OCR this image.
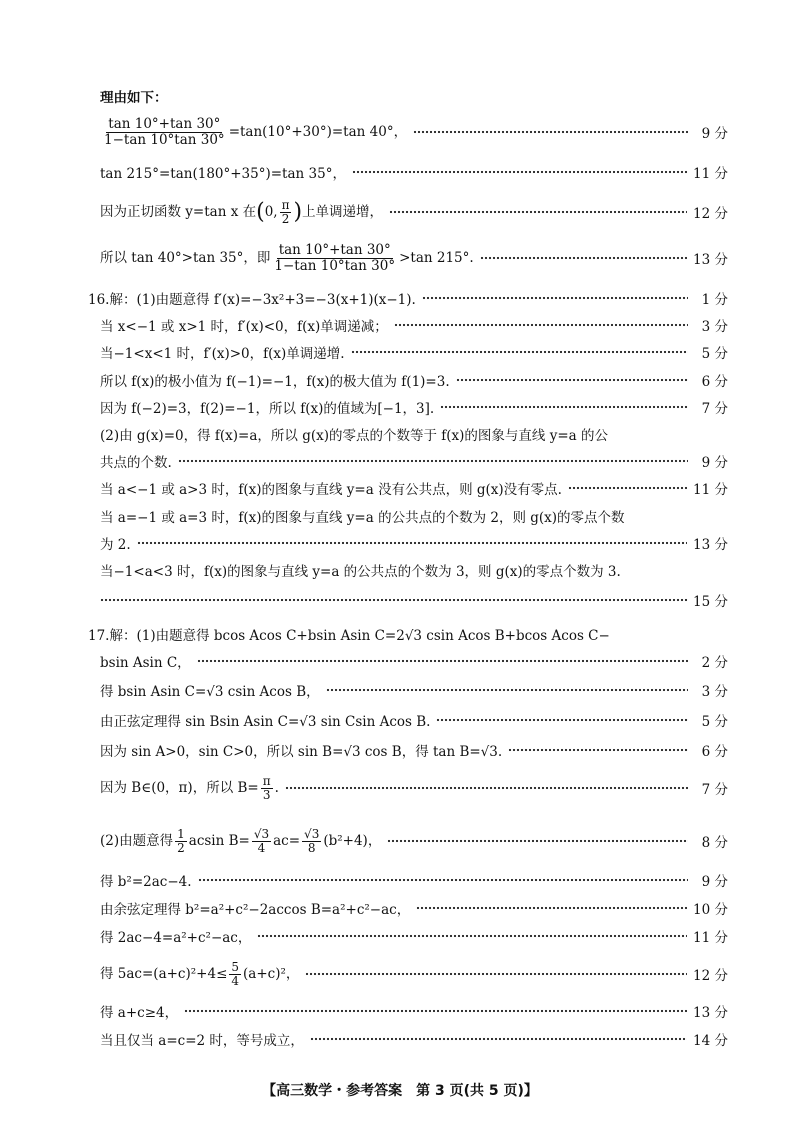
理由如下：
$\frac{\tan 10^\circ+\tan 30^\circ}{1-\tan 10^\circ\tan 30^\circ} =\tan(10^\circ+30^\circ)=\tan$ 40°，	9 分
tan 215°=tan(180°+35°)=tan 35°，	11 分
因为正切函数 y=tan x 在(0, $\frac{\pi}{2}$ )上单调递增，	12 分
所以 tan 40°>tan 35°，即 $\frac{\tan 10^\circ+\tan 30^\circ}{1-\tan 10^\circ\tan 30^\circ} >\tan$ 215°.	13 分
16.解：(1)由题意得 f′(x)=−3x²+3=−3(x+1)(x−1).	1 分
当 x<−1 或 x>1 时，f′(x)<0，f(x)单调递减；	3 分
当−1<x<1 时，f′(x)>0，f(x)单调递增.	5 分
所以 f(x)的极小值为 f(−1)=−1，f(x)的极大值为 f(1)=3.	6 分
因为 f(−2)=3，f(2)=−1，所以 f(x)的值域为[−1，3].	7 分
(2)由 g(x)=0，得 f(x)=a，所以 g(x)的零点的个数等于 f(x)的图象与直线 y=a 的公
共点的个数.	9 分
当 a<−1 或 a>3 时，f(x)的图象与直线 y=a 没有公共点，则 g(x)没有零点.	11 分
当 a=−1 或 a=3 时，f(x)的图象与直线 y=a 的公共点的个数为 2，则 g(x)的零点个数
为 2.	13 分
当−1<a<3 时，f(x)的图象与直线 y=a 的公共点的个数为 3，则 g(x)的零点个数为 3.
15 分
17.解：(1)由题意得 bcos Acos C+bsin Asin C=2√3 csin Acos B+bcos Acos C−
bsin Asin C，	2 分
得 bsin Asin C=√3 csin Acos B，	3 分
由正弦定理得 sin Bsin Asin C=√3 sin Csin Acos B.	5 分
因为 sin A>0，sin C>0，所以 sin B=√3 cos B，得 tan B=√3.	6 分
因为 B∈(0，π)，所以 $B= \frac{\pi}{3}$ .	7 分
(2)由题意得 $\frac{1}{2}$ acsin $B= \frac{√3}{4} ac= \frac{√3}{8} (b^2+4)$，	8 分
得 b²=2ac−4.	9 分
由余弦定理得 b²=a²+c²−2accos B=a²+c²−ac，	10 分
得 2ac−4=a²+c²−ac，	11 分
得 $5ac=(a+c)^2+4\le \frac{5}{4} (a+c)^2$，	12 分
得 a+c≥4，	13 分
当且仅当 a=c=2 时，等号成立，	14 分
【高三数学・参考答案　第 3 页(共 5 页)】
